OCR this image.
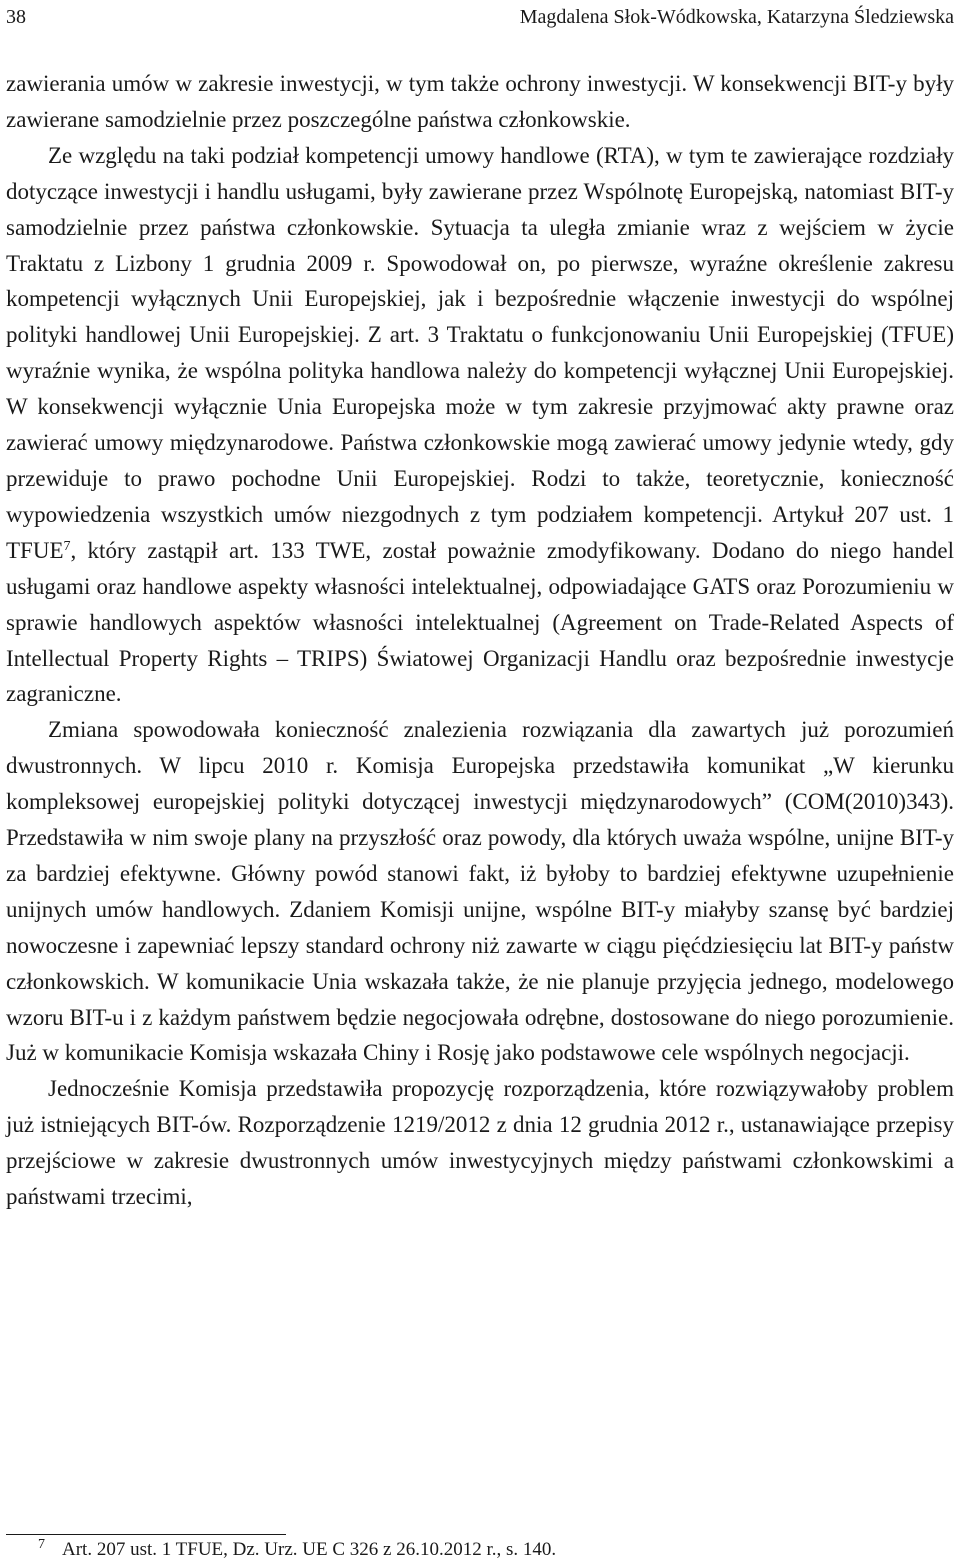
38	Magdalena Słok-Wódkowska, Katarzyna Śledziewska

zawierania umów w zakresie inwestycji, w tym także ochrony inwestycji. W konsekwencji BIT-y były zawierane samodzielnie przez poszczególne państwa członkowskie.

Ze względu na taki podział kompetencji umowy handlowe (RTA), w tym te zawierające rozdziały dotyczące inwestycji i handlu usługami, były zawierane przez Wspólnotę Europejską, natomiast BIT-y samodzielnie przez państwa członkowskie. Sytuacja ta uległa zmianie wraz z wejściem w życie Traktatu z Lizbony 1 grudnia 2009 r. Spowodował on, po pierwsze, wyraźne określenie zakresu kompetencji wyłącznych Unii Europejskiej, jak i bezpośrednie włączenie inwestycji do wspólnej polityki handlowej Unii Europejskiej. Z art. 3 Traktatu o funkcjonowaniu Unii Europejskiej (TFUE) wyraźnie wynika, że wspólna polityka handlowa należy do kompetencji wyłącznej Unii Europejskiej. W konsekwencji wyłącznie Unia Europejska może w tym zakresie przyjmować akty prawne oraz zawierać umowy międzynarodowe. Państwa członkowskie mogą zawierać umowy jedynie wtedy, gdy przewiduje to prawo pochodne Unii Europejskiej. Rodzi to także, teoretycznie, konieczność wypowiedzenia wszystkich umów niezgodnych z tym podziałem kompetencji. Artykuł 207 ust. 1 TFUE$^7$, który zastąpił art. 133 TWE, został poważnie zmodyfikowany. Dodano do niego handel usługami oraz handlowe aspekty własności intelektualnej, odpowiadające GATS oraz Porozumieniu w sprawie handlowych aspektów własności intelektualnej (Agreement on Trade-Related Aspects of Intellectual Property Rights – TRIPS) Światowej Organizacji Handlu oraz bezpośrednie inwestycje zagraniczne.

Zmiana spowodowała konieczność znalezienia rozwiązania dla zawartych już porozumień dwustronnych. W lipcu 2010 r. Komisja Europejska przedstawiła komunikat „W kierunku kompleksowej europejskiej polityki dotyczącej inwestycji międzynarodowych” (COM(2010)343). Przedstawiła w nim swoje plany na przyszłość oraz powody, dla których uważa wspólne, unijne BIT-y za bardziej efektywne. Główny powód stanowi fakt, iż byłoby to bardziej efektywne uzupełnienie unijnych umów handlowych. Zdaniem Komisji unijne, wspólne BIT-y miałyby szansę być bardziej nowoczesne i zapewniać lepszy standard ochrony niż zawarte w ciągu pięćdziesięciu lat BIT-y państw członkowskich. W komunikacie Unia wskazała także, że nie planuje przyjęcia jednego, modelowego wzoru BIT-u i z każdym państwem będzie negocjowała odrębne, dostosowane do niego porozumienie. Już w komunikacie Komisja wskazała Chiny i Rosję jako podstawowe cele wspólnych negocjacji.

Jednocześnie Komisja przedstawiła propozycję rozporządzenia, które rozwiązywałoby problem już istniejących BIT-ów. Rozporządzenie 1219/2012 z dnia 12 grudnia 2012 r., ustanawiające przepisy przejściowe w zakresie dwustronnych umów inwestycyjnych między państwami członkowskimi a państwami trzecimi,

7 Art. 207 ust. 1 TFUE, Dz. Urz. UE C 326 z 26.10.2012 r., s. 140.
